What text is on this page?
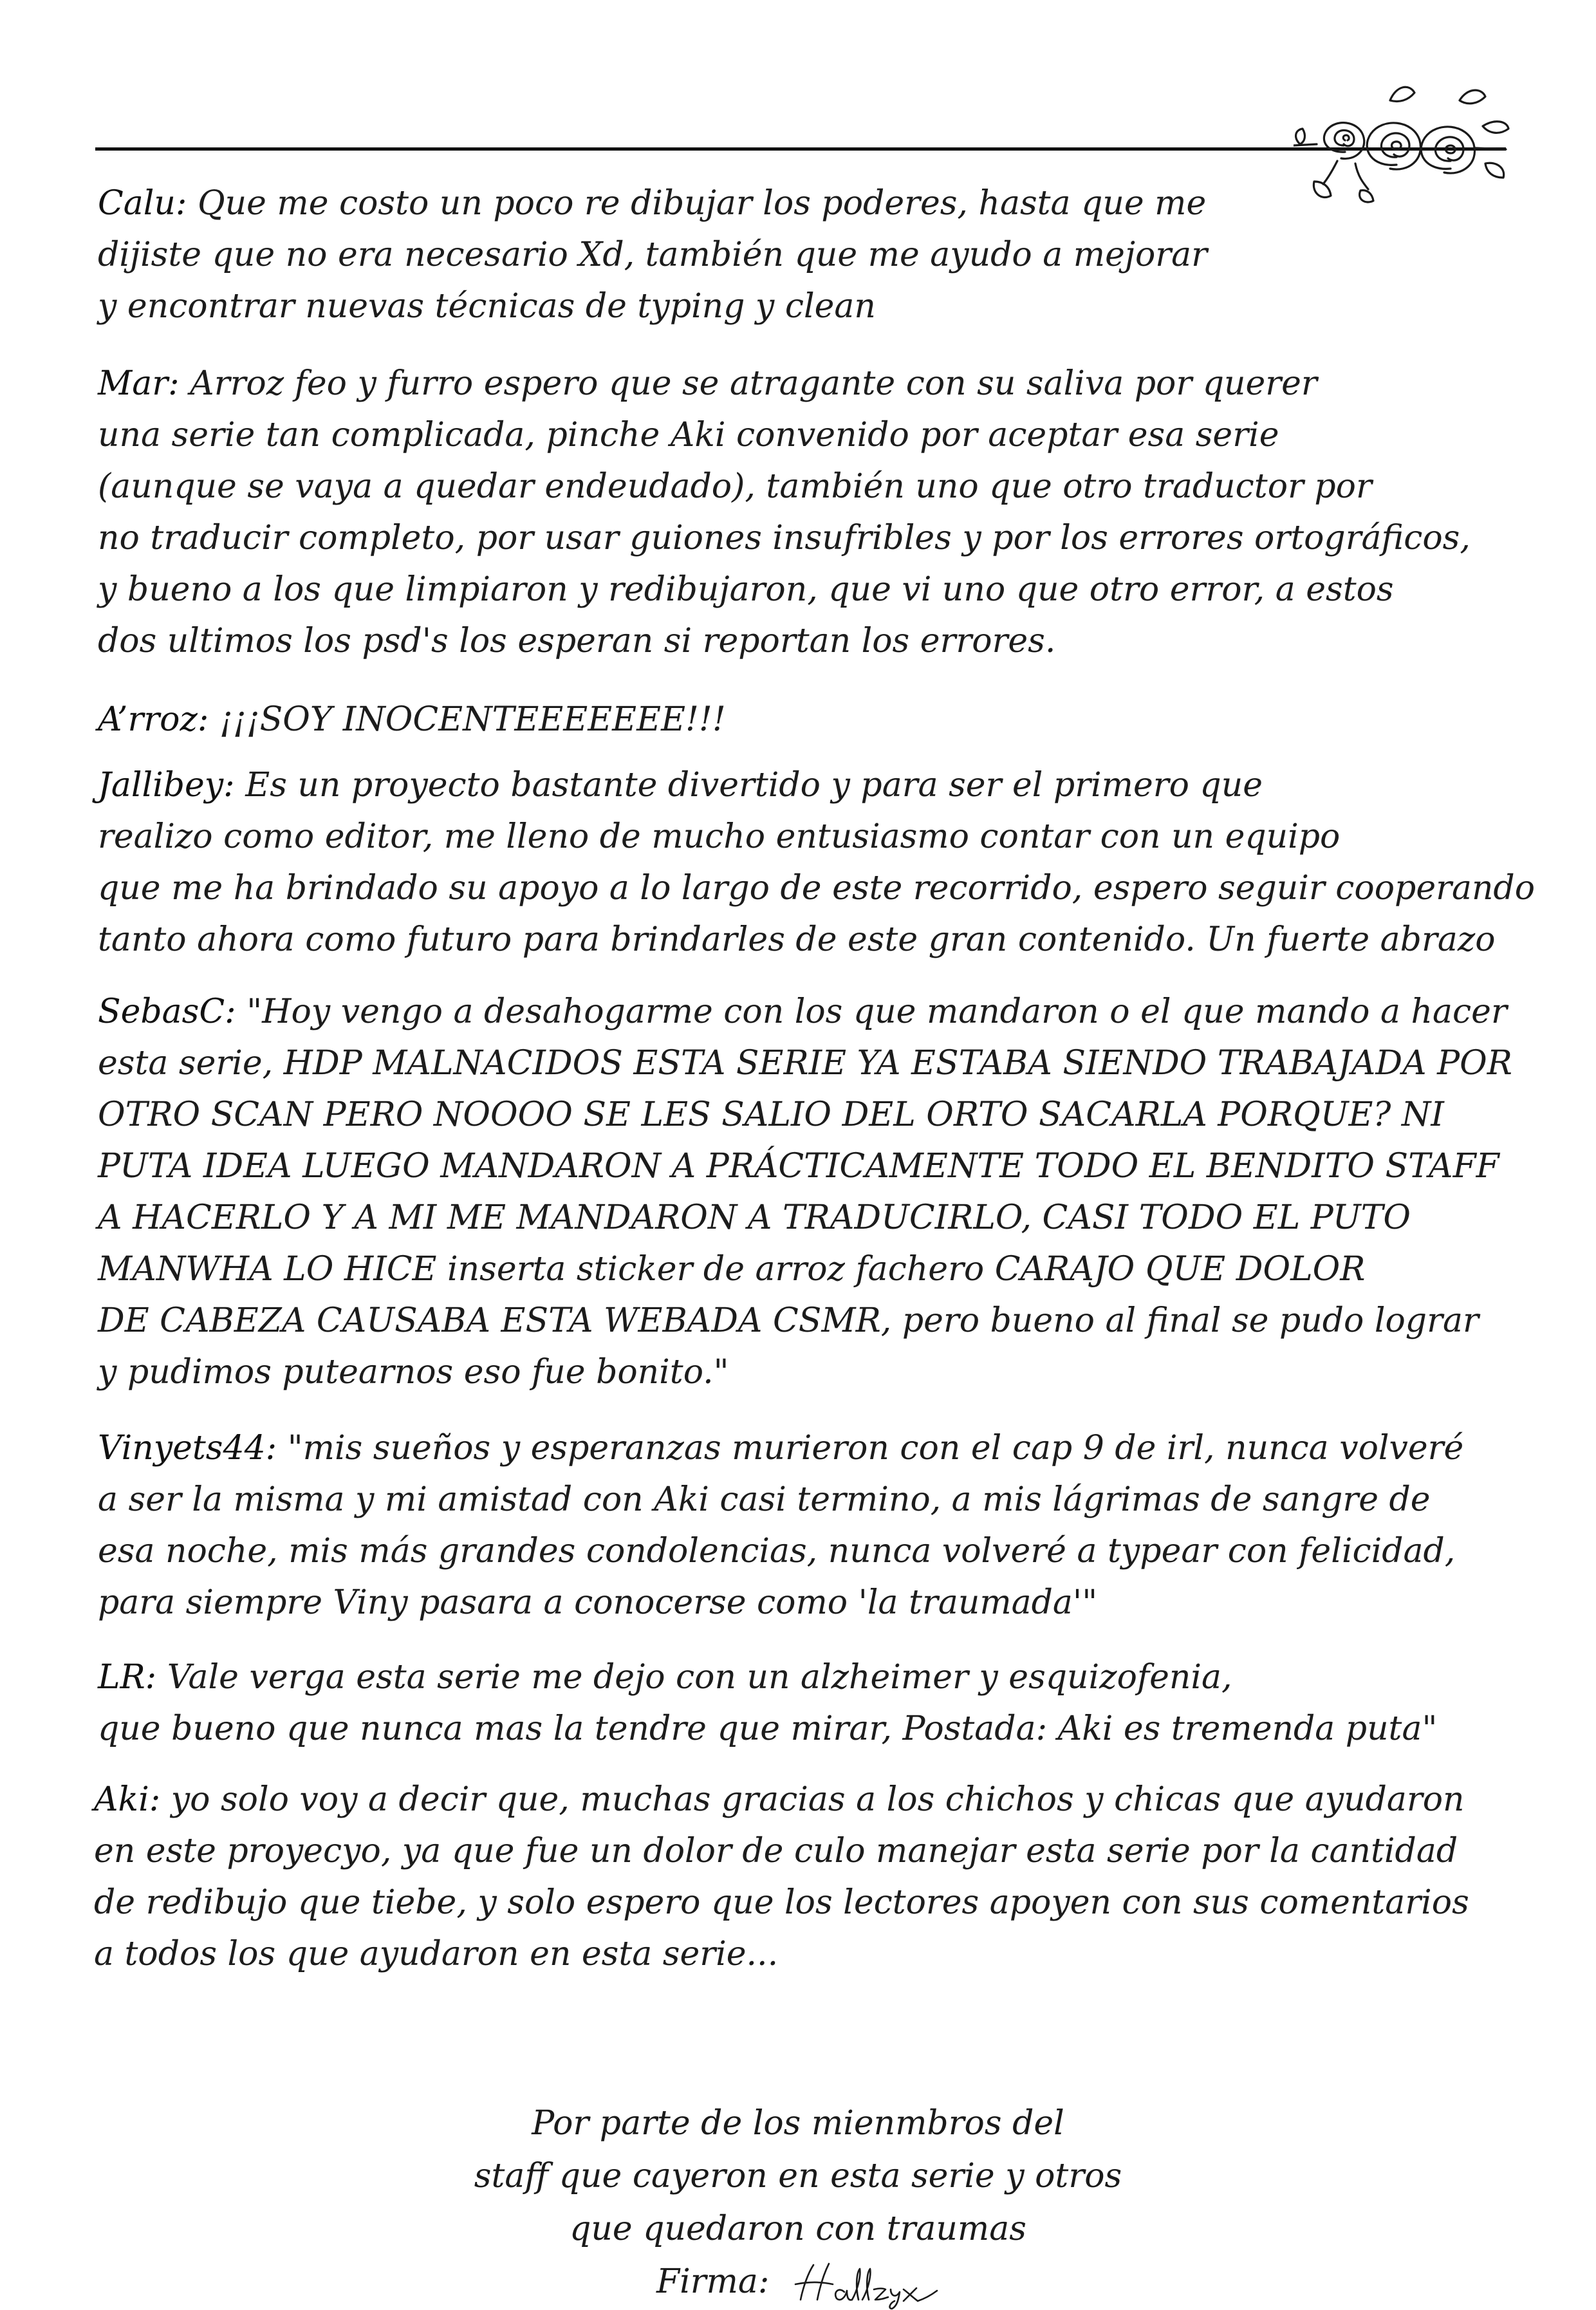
Calu: Que me costo un poco re dibujar los poderes, hasta que me
dijiste que no era necesario Xd, también que me ayudo a mejorar
y encontrar nuevas técnicas de typing y clean

Mar: Arroz feo y furro espero que se atragante con su saliva por querer
una serie tan complicada, pinche Aki convenido por aceptar esa serie
(aunque se vaya a quedar endeudado), también uno que otro traductor por
no traducir completo, por usar guiones insufribles y por los errores ortográficos,
y bueno a los que limpiaron y redibujaron, que vi uno que otro error, a estos
dos ultimos los psd's los esperan si reportan los errores.

A’rroz: ¡¡¡SOY INOCENTEEEEEEE!!!

Jallibey: Es un proyecto bastante divertido y para ser el primero que
realizo como editor, me lleno de mucho entusiasmo contar con un equipo
que me ha brindado su apoyo a lo largo de este recorrido, espero seguir cooperando
tanto ahora como futuro para brindarles de este gran contenido. Un fuerte abrazo

SebasC: "Hoy vengo a desahogarme con los que mandaron o el que mando a hacer
esta serie, HDP MALNACIDOS ESTA SERIE YA ESTABA SIENDO TRABAJADA POR
OTRO SCAN PERO NOOOO SE LES SALIO DEL ORTO SACARLA PORQUE? NI
PUTA IDEA LUEGO MANDARON A PRÁCTICAMENTE TODO EL BENDITO STAFF
A HACERLO Y A MI ME MANDARON A TRADUCIRLO, CASI TODO EL PUTO
MANWHA LO HICE inserta sticker de arroz fachero CARAJO QUE DOLOR
DE CABEZA CAUSABA ESTA WEBADA CSMR, pero bueno al final se pudo lograr
y pudimos putearnos eso fue bonito."

Vinyets44: "mis sueños y esperanzas murieron con el cap 9 de irl, nunca volveré
a ser la misma y mi amistad con Aki casi termino, a mis lágrimas de sangre de
esa noche, mis más grandes condolencias, nunca volveré a typear con felicidad,
para siempre Viny pasara a conocerse como 'la traumada'"

LR: Vale verga esta serie me dejo con un alzheimer y esquizofenia,
que bueno que nunca mas la tendre que mirar, Postada: Aki es tremenda puta"

Aki: yo solo voy a decir que, muchas gracias a los chichos y chicas que ayudaron
en este proyecyo, ya que fue un dolor de culo manejar esta serie por la cantidad
de redibujo que tiebe, y solo espero que los lectores apoyen con sus comentarios
a todos los que ayudaron en esta serie...

Por parte de los mienmbros del
staff que cayeron en esta serie y otros
que quedaron con traumas
Firma:
